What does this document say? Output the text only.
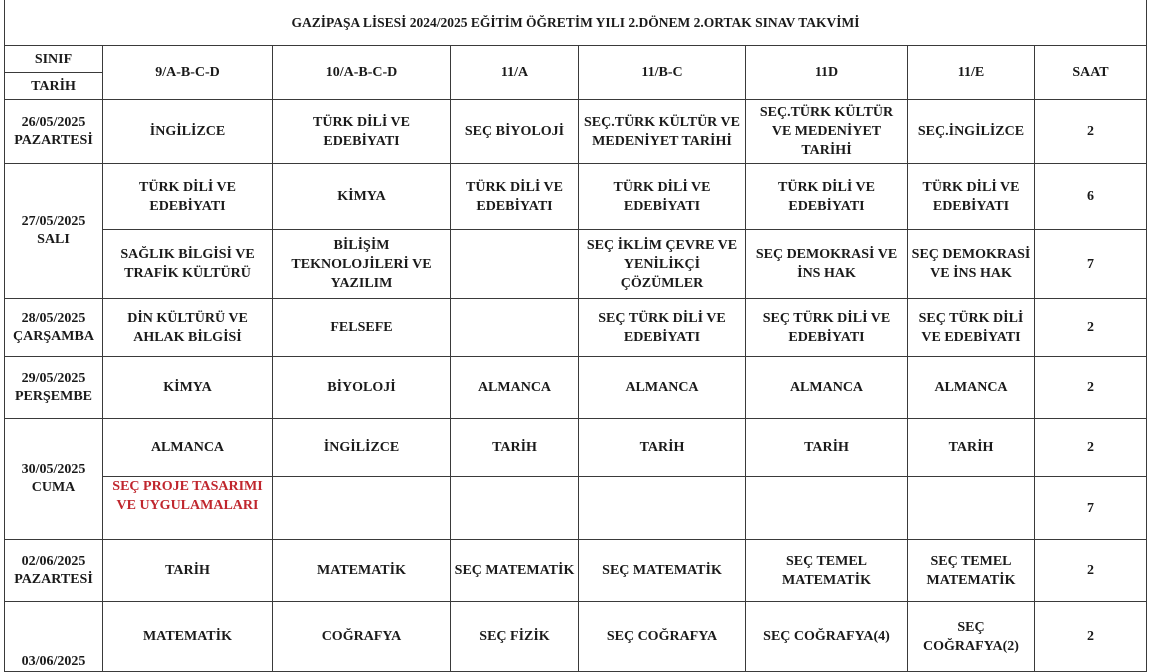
GAZİPAŞA LİSESİ 2024/2025 EĞİTİM ÖĞRETİM YILI 2.DÖNEM 2.ORTAK SINAV TAKVİMİ							
SINIF	9/A-B-C-D	10/A-B-C-D	11/A	11/B-C	11D	11/E	SAAT
TARİH							

26/05/2025
PAZARTESİ	İNGİLİZCE	TÜRK DİLİ VE EDEBİYATI	SEÇ BİYOLOJİ	SEÇ.TÜRK KÜLTÜR VE MEDENİYET TARİHİ	SEÇ.TÜRK KÜLTÜR VE MEDENİYET TARİHİ	SEÇ.İNGİLİZCE	2

27/05/2025
SALI	TÜRK DİLİ VE EDEBİYATI	KİMYA	TÜRK DİLİ VE EDEBİYATI	TÜRK DİLİ VE EDEBİYATI	TÜRK DİLİ VE EDEBİYATI	TÜRK DİLİ VE EDEBİYATI	6
	SAĞLIK BİLGİSİ VE TRAFİK KÜLTÜRÜ	BİLİŞİM TEKNOLOJİLERİ VE YAZILIM		SEÇ İKLİM ÇEVRE VE YENİLİKÇİ ÇÖZÜMLER	SEÇ DEMOKRASİ VE İNS HAK	SEÇ DEMOKRASİ VE İNS HAK	7

28/05/2025
ÇARŞAMBA	DİN KÜLTÜRÜ VE AHLAK BİLGİSİ	FELSEFE		SEÇ TÜRK DİLİ VE EDEBİYATI	SEÇ TÜRK DİLİ VE EDEBİYATI	SEÇ TÜRK DİLİ VE EDEBİYATI	2

29/05/2025
PERŞEMBE	KİMYA	BİYOLOJİ	ALMANCA	ALMANCA	ALMANCA	ALMANCA	2

30/05/2025
CUMA	ALMANCA	İNGİLİZCE	TARİH	TARİH	TARİH	TARİH	2
	SEÇ PROJE TASARIMI VE UYGULAMALARI						7

02/06/2025
PAZARTESİ	TARİH	MATEMATİK	SEÇ MATEMATİK	SEÇ MATEMATİK	SEÇ TEMEL MATEMATİK	SEÇ TEMEL MATEMATİK	2

03/06/2025	MATEMATİK	COĞRAFYA	SEÇ FİZİK	SEÇ COĞRAFYA	SEÇ COĞRAFYA(4)	SEÇ COĞRAFYA(2)	2
